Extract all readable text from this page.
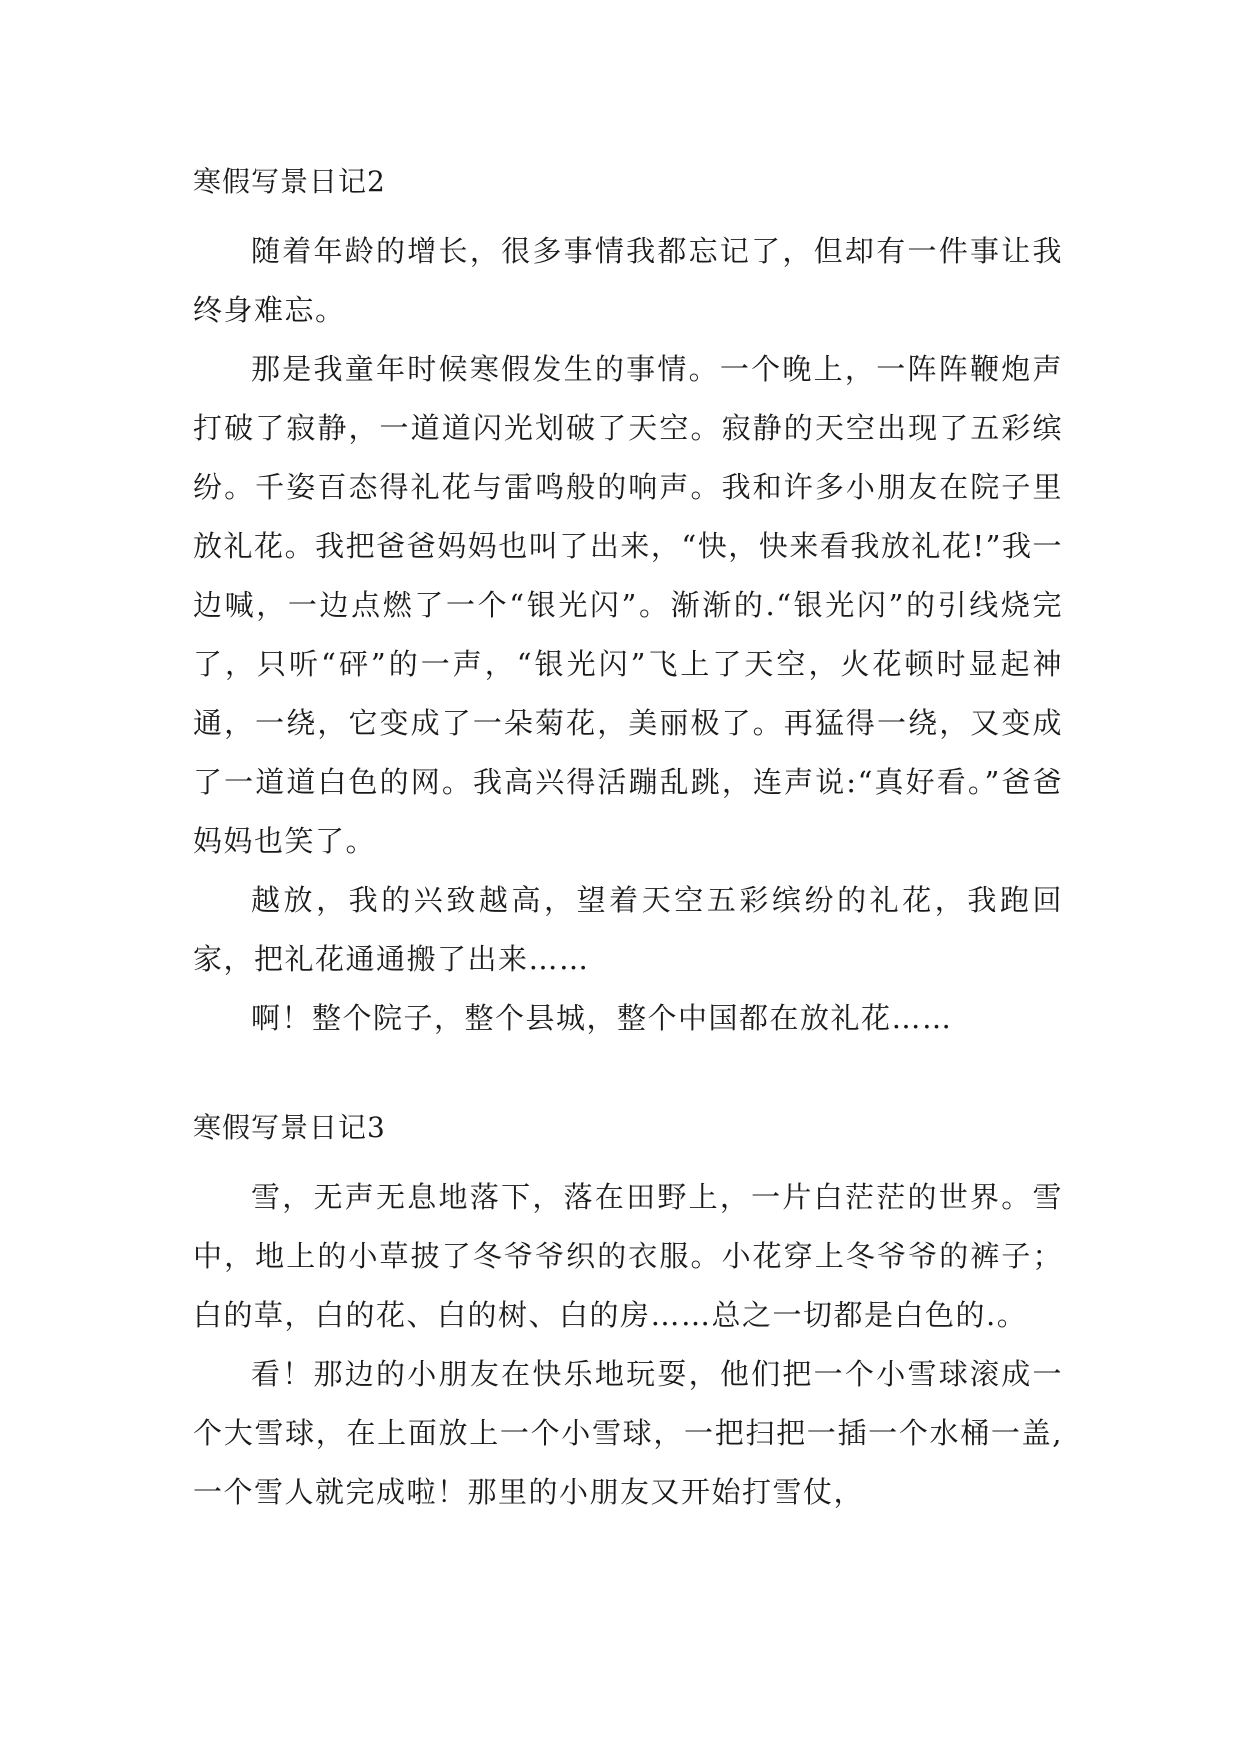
寒假写景日记2

随着年龄的增长，很多事情我都忘记了，但却有一件事让我终身难忘。

那是我童年时候寒假发生的事情。一个晚上，一阵阵鞭炮声打破了寂静，一道道闪光划破了天空。寂静的天空出现了五彩缤纷。千姿百态得礼花与雷鸣般的响声。我和许多小朋友在院子里放礼花。我把爸爸妈妈也叫了出来，“快，快来看我放礼花!”我一边喊，一边点燃了一个“银光闪”。渐渐的.“银光闪”的引线烧完了，只听“砰”的一声，“银光闪”飞上了天空，火花顿时显起神通，一绕，它变成了一朵菊花，美丽极了。再猛得一绕，又变成了一道道白色的网。我高兴得活蹦乱跳，连声说:“真好看。”爸爸妈妈也笑了。

越放，我的兴致越高，望着天空五彩缤纷的礼花，我跑回家，把礼花通通搬了出来……

啊！整个院子，整个县城，整个中国都在放礼花……

寒假写景日记3

雪，无声无息地落下，落在田野上，一片白茫茫的世界。雪中，地上的小草披了冬爷爷织的衣服。小花穿上冬爷爷的裤子；白的草，白的花、白的树、白的房……总之一切都是白色的.。

看！那边的小朋友在快乐地玩耍，他们把一个小雪球滚成一个大雪球，在上面放上一个小雪球，一把扫把一插一个水桶一盖,一个雪人就完成啦！那里的小朋友又开始打雪仗，
